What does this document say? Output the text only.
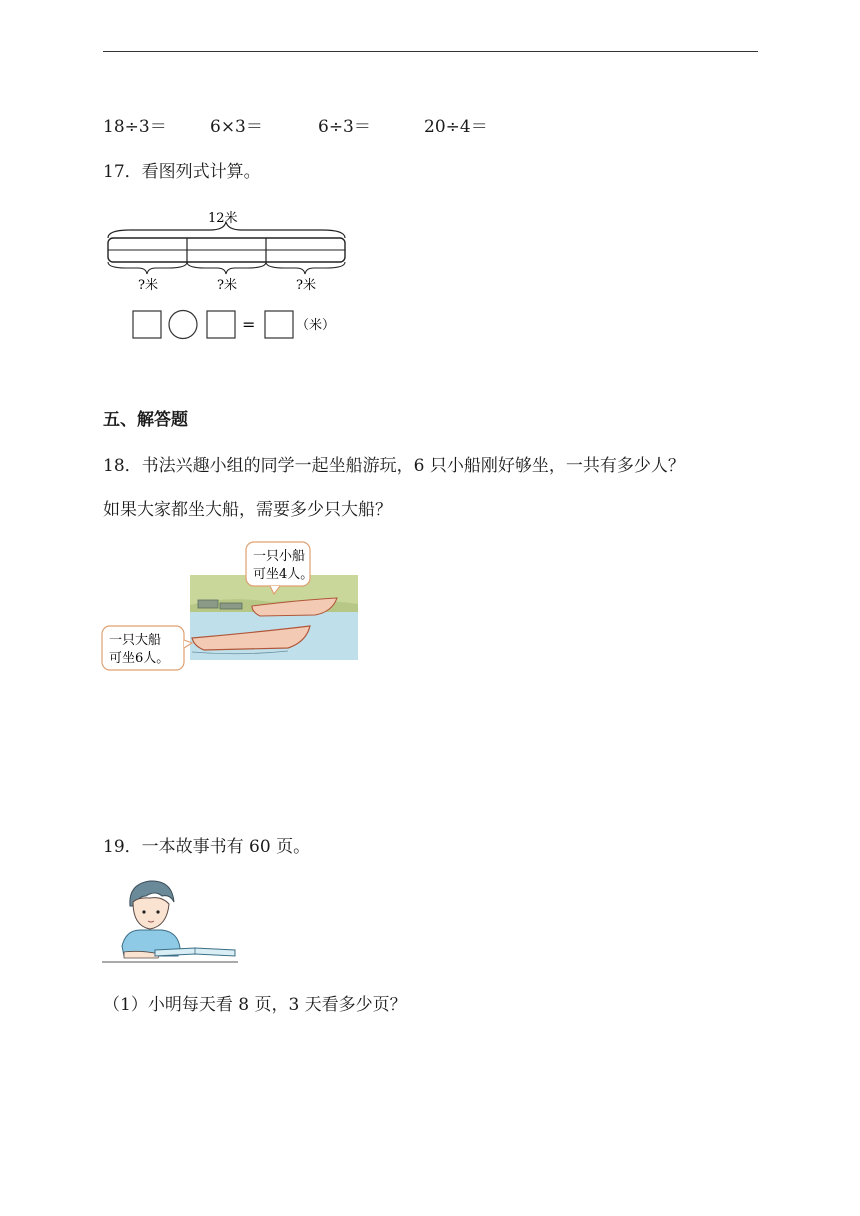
18÷3＝	6×3＝	6÷3＝	20÷4＝
17．看图列式计算。
12米
?米	?米	?米
=	（米）
五、解答题
18．书法兴趣小组的同学一起坐船游玩，6 只小船刚好够坐，一共有多少人？
如果大家都坐大船，需要多少只大船？
一只小船
可坐4人。
一只大船
可坐6人。
19．一本故事书有 60 页。
（1）小明每天看 8 页，3 天看多少页？
